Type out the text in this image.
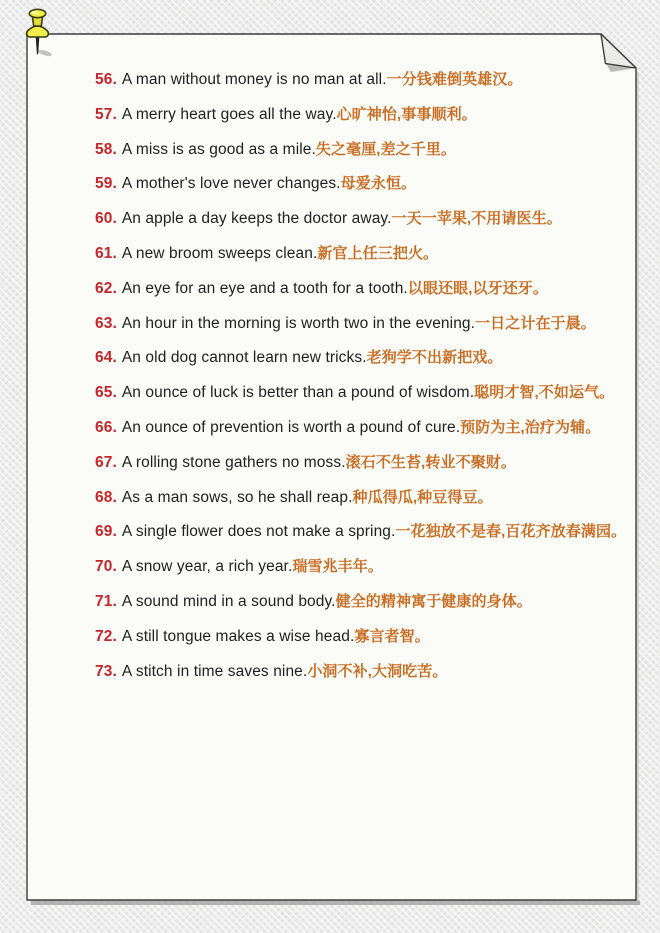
56. A man without money is no man at all.一分钱难倒英雄汉。

57. A merry heart goes all the way.心旷神怡,事事顺利。

58. A miss is as good as a mile.失之毫厘,差之千里。

59. A mother's love never changes.母爱永恒。

60. An apple a day keeps the doctor away.一天一苹果,不用请医生。

61. A new broom sweeps clean.新官上任三把火。

62. An eye for an eye and a tooth for a tooth.以眼还眼,以牙还牙。

63. An hour in the morning is worth two in the evening.一日之计在于晨。

64. An old dog cannot learn new tricks.老狗学不出新把戏。

65. An ounce of luck is better than a pound of wisdom.聪明才智,不如运气。

66. An ounce of prevention is worth a pound of cure.预防为主,治疗为辅。

67. A rolling stone gathers no moss.滚石不生苔,转业不聚财。

68. As a man sows, so he shall reap.种瓜得瓜,种豆得豆。

69. A single flower does not make a spring.一花独放不是春,百花齐放春满园。

70. A snow year, a rich year.瑞雪兆丰年。

71. A sound mind in a sound body.健全的精神寓于健康的身体。

72. A still tongue makes a wise head.寡言者智。

73. A stitch in time saves nine.小洞不补,大洞吃苦。
